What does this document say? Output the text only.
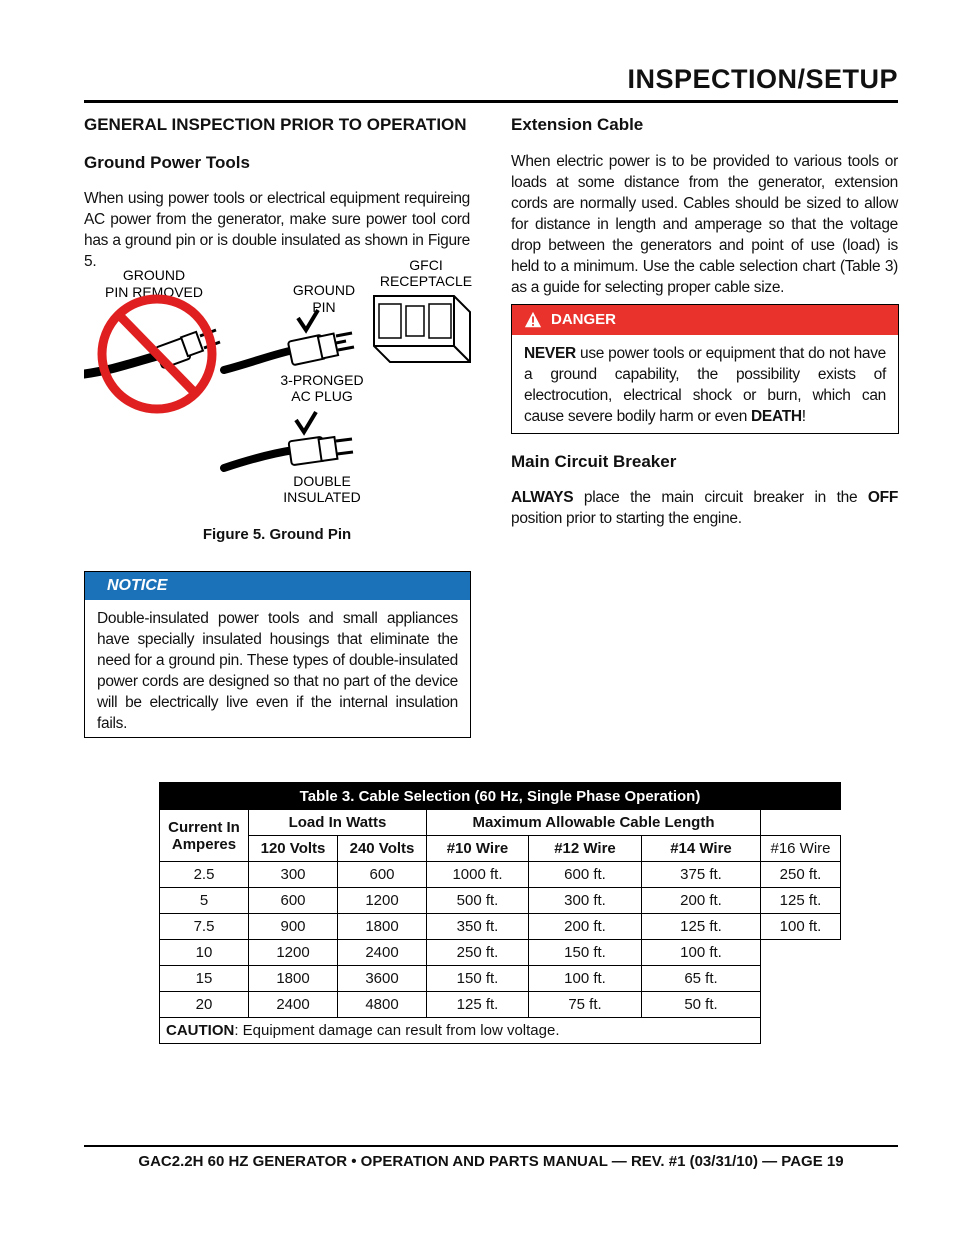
INSPECTION/SETUP
GENERAL INSPECTION PRIOR TO OPERATION
Ground Power Tools

When using power tools or electrical equipment requireing AC power from the generator, make sure power tool cord has a ground pin or is double insulated as shown in Figure 5.

GROUND
PIN REMOVED	GROUND
PIN
GFCI
RECEPTACLE
3-PRONGED
AC PLUG
DOUBLE
INSULATED
Figure 5. Ground Pin
NOTICE
Double-insulated power tools and small appliances have specially insulated housings that eliminate the need for a ground pin. These types of double-insulated power cords are designed so that no part of the device will be electrically live even if the internal insulation fails.
Extension Cable

When electric power is to be provided to various tools or loads at some distance from the generator, extension cords are normally used. Cables should be sized to allow for distance in length and amperage so that the voltage drop between the generators and point of use (load) is held to a minimum. Use the cable selection chart (Table 3) as a guide for selecting proper cable size.

DANGER
NEVER use power tools or equipment that do not have a ground capability, the possibility exists of electrocution, electrical shock or burn, which can cause severe bodily harm or even DEATH!
Main Circuit Breaker

ALWAYS place the main circuit breaker in the OFF position prior to starting the engine.

Table 3. Cable Selection (60 Hz, Single Phase Operation)						
Current In Amperes	Load In Watts		Maximum Allowable Cable Length			
	120 Volts	240 Volts	#10 Wire	#12 Wire	#14 Wire	#16 Wire
2.5	300	600	1000 ft.	600 ft.	375 ft.	250 ft.
5	600	1200	500 ft.	300 ft.	200 ft.	125 ft.
7.5	900	1800	350 ft.	200 ft.	125 ft.	100 ft.
10	1200	2400	250 ft.	150 ft.	100 ft.	
15	1800	3600	150 ft.	100 ft.	65 ft.	
20	2400	4800	125 ft.	75 ft.	50 ft.	
CAUTION: Equipment damage can result from low voltage.						
GAC2.2H 60 HZ GENERATOR • OPERATION AND PARTS MANUAL — REV. #1 (03/31/10) — PAGE 19
